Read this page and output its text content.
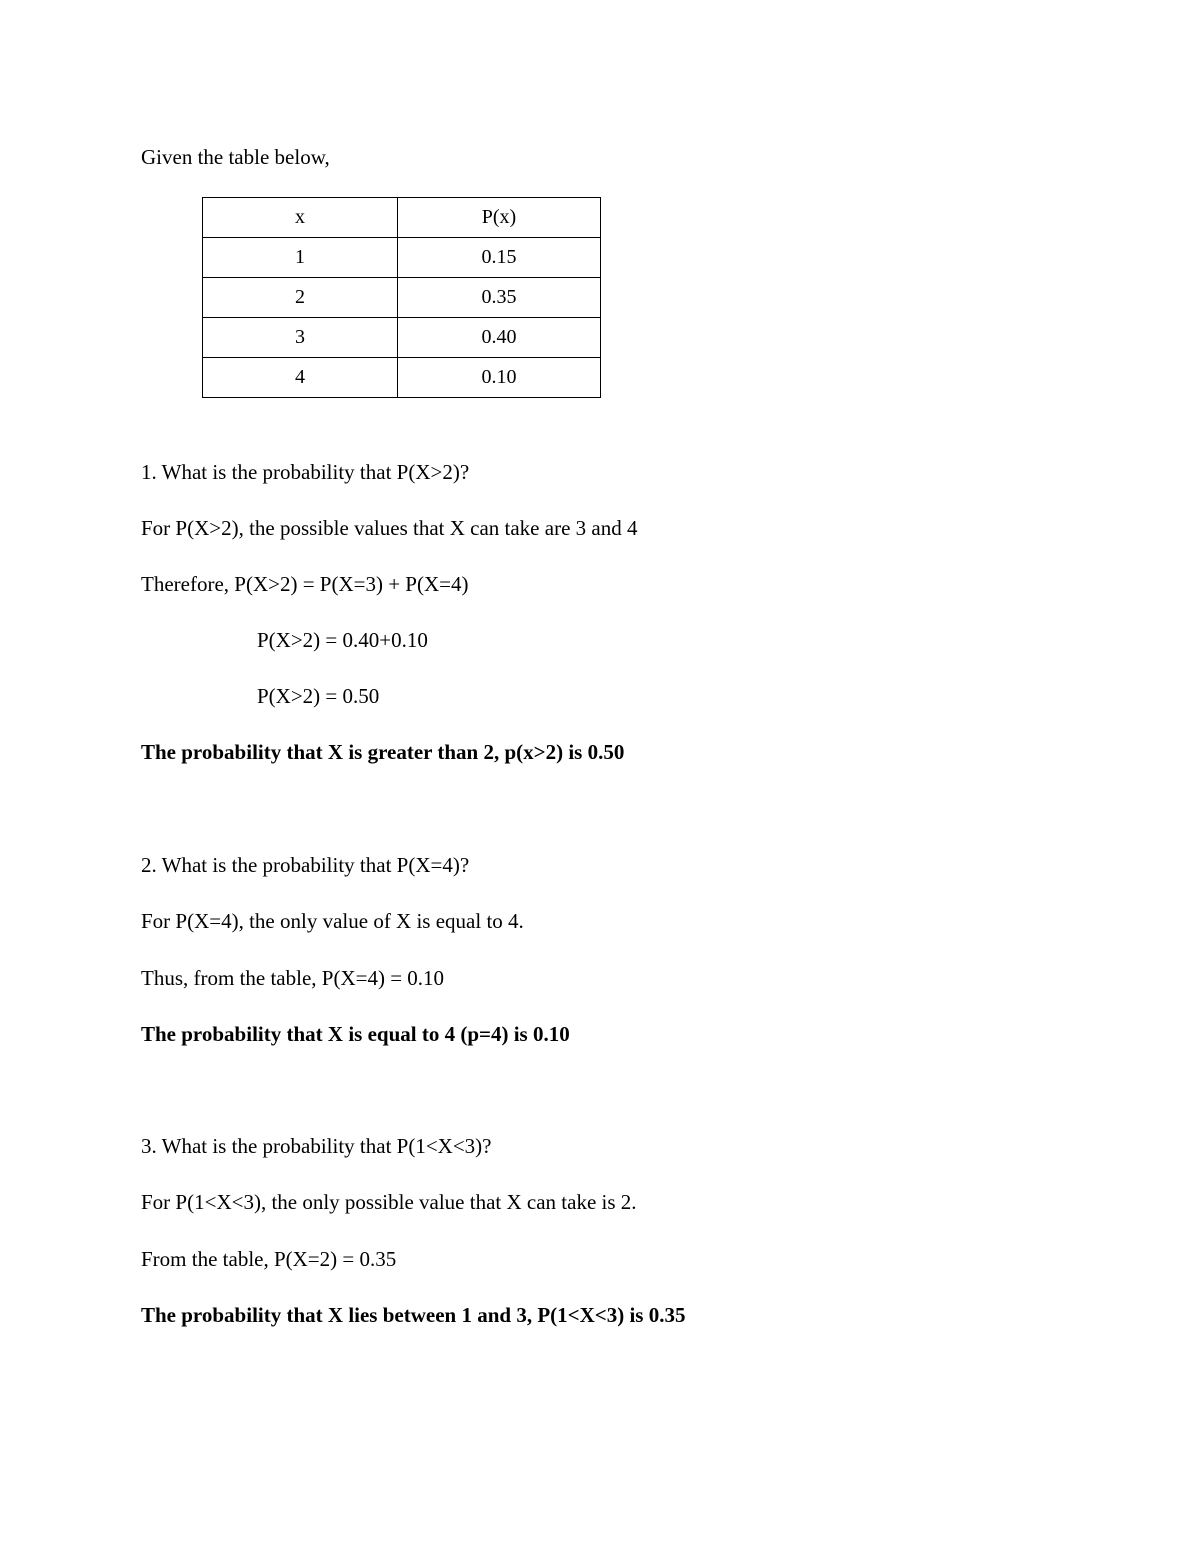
Given the table below,
x	P(x)
1	0.15
2	0.35
3	0.40
4	0.10
1. What is the probability that P(X>2)?
For P(X>2), the possible values that X can take are 3 and 4
Therefore, P(X>2) = P(X=3) + P(X=4)
P(X>2) = 0.40+0.10
P(X>2) = 0.50
The probability that X is greater than 2, p(x>2) is 0.50
2. What is the probability that P(X=4)?
For P(X=4), the only value of X is equal to 4.
Thus, from the table, P(X=4) = 0.10
The probability that X is equal to 4 (p=4) is 0.10
3. What is the probability that P(1<X<3)?
For P(1<X<3), the only possible value that X can take is 2.
From the table, P(X=2) = 0.35
The probability that X lies between 1 and 3, P(1<X<3) is 0.35
